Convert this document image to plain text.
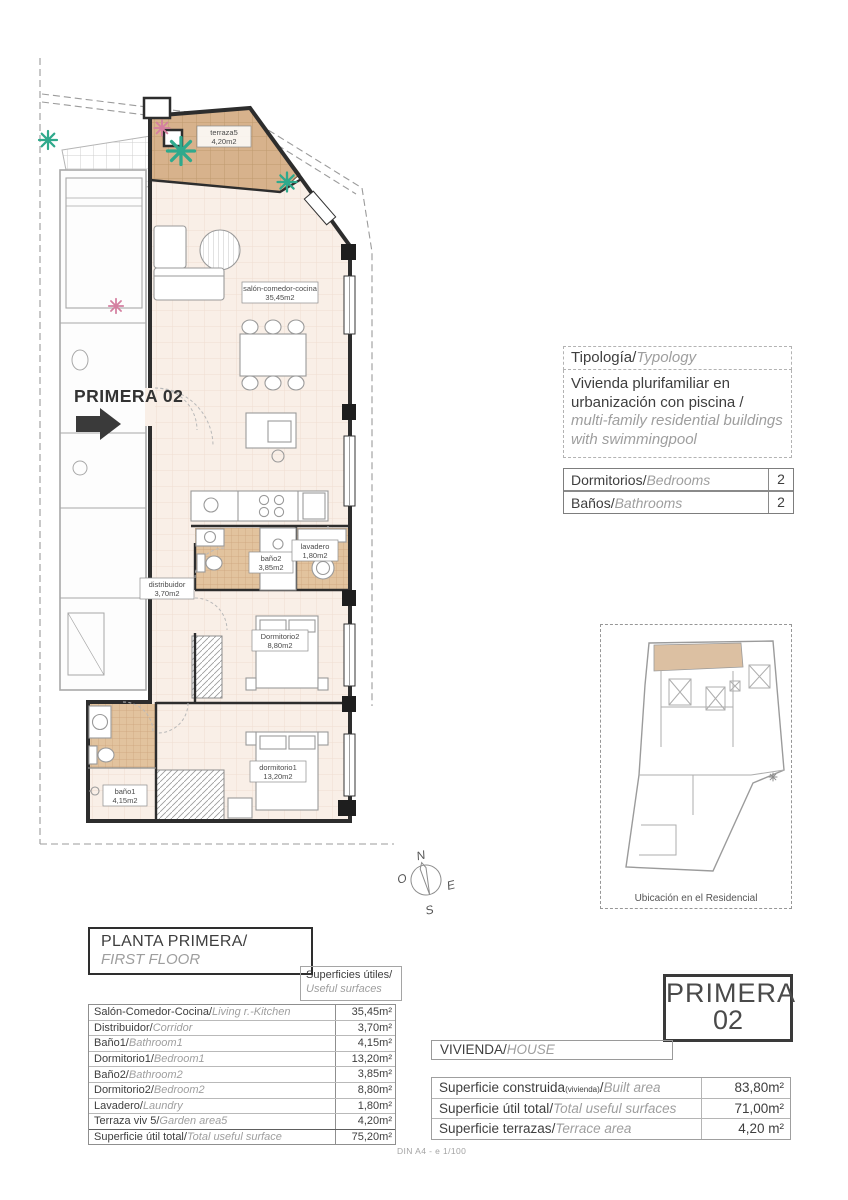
terraza5
4,20m2
salón-comedor-cocina
35,45m2
baño2
3,85m2
lavadero
1,80m2
distribuidor
3,70m2
Dormitorio2
8,80m2
dormitorio1
13,20m2
baño1
4,15m2
PRIMERA 02
N
E
S
O
Tipología/Typology
Vivienda plurifamiliar en urbanización con piscina / multi-family residential buildings with swimmingpool
Dormitorios/Bedrooms	2
Baños/Bathrooms	2
Ubicación en el Residencial
PLANTA PRIMERA/
FIRST FLOOR
Superficies útiles/
Useful surfaces
Salón-Comedor-Cocina/Living r.-Kitchen	35,45m²
Distribuidor/Corridor	3,70m²
Baño1/Bathroom1	4,15m²
Dormitorio1/Bedroom1	13,20m²
Baño2/Bathroom2	3,85m²
Dormitorio2/Bedroom2	8,80m²
Lavadero/Laundry	1,80m²
Terraza viv 5/Garden area5	4,20m²
Superficie útil total/Total useful surface	75,20m²
PRIMERA
02
VIVIENDA/HOUSE
Superficie construida(vivienda)/Built area	83,80m²
Superficie útil total/Total useful surfaces	71,00m²
Superficie terrazas/Terrace area	4,20 m²
DIN A4 - e 1/100
